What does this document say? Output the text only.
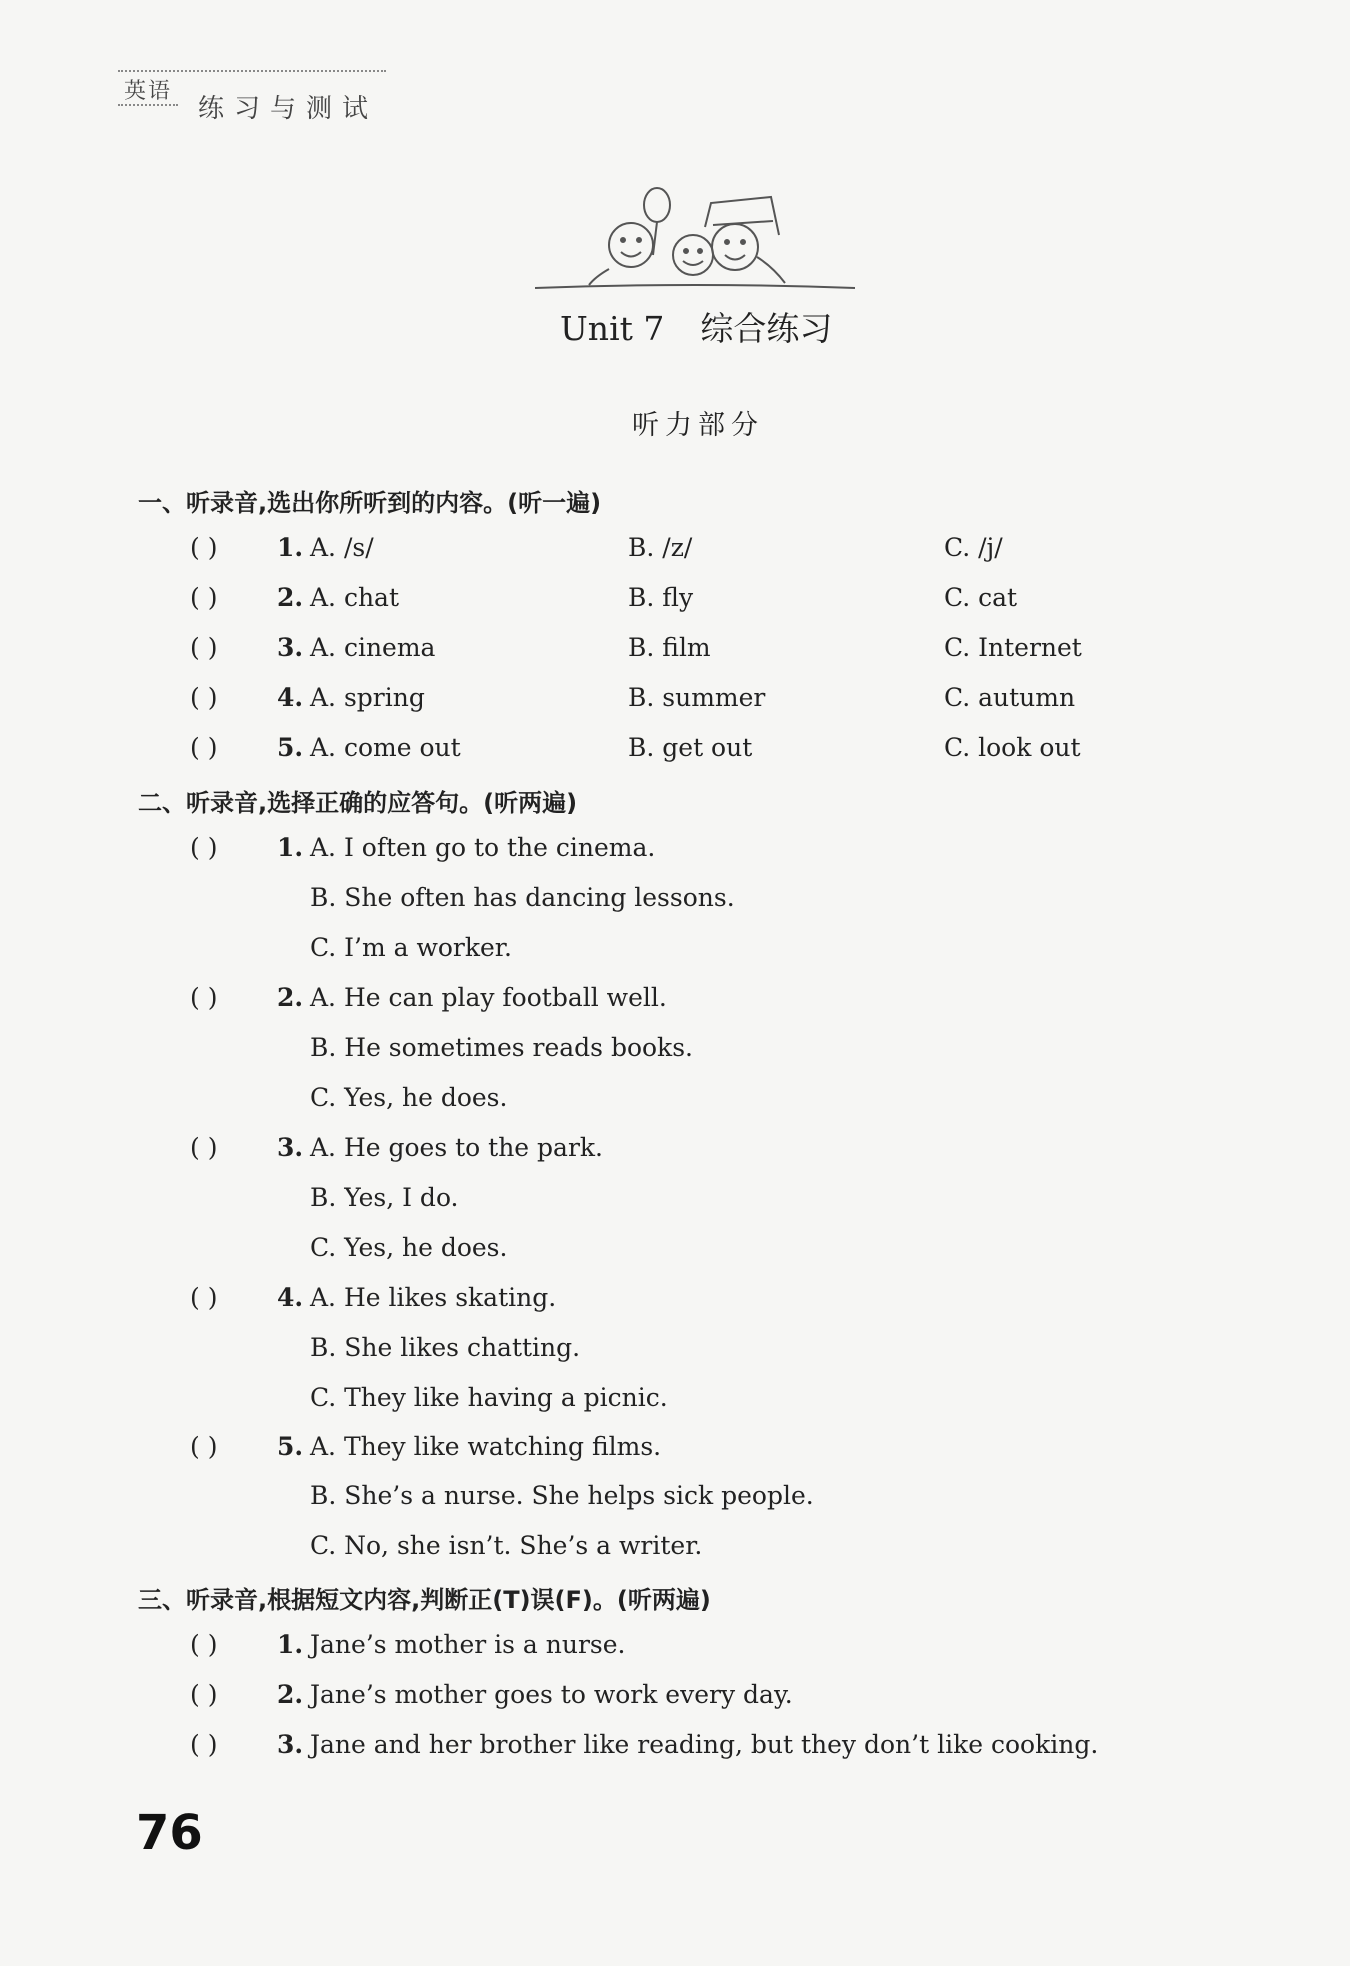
英语
练习与测试
Unit 7 综合练习
听力部分
一、听录音,选出你所听到的内容。(听一遍)
( ) 1. A. /s/	B. /z/	C. /j/
( ) 2. A. chat	B. fly	C. cat
( ) 3. A. cinema	B. film	C. Internet
( ) 4. A. spring	B. summer	C. autumn
( ) 5. A. come out	B. get out	C. look out
二、听录音,选择正确的应答句。(听两遍)
( ) 1. A. I often go to the cinema.
B. She often has dancing lessons.
C. I’m a worker.
( ) 2. A. He can play football well.
B. He sometimes reads books.
C. Yes, he does.
( ) 3. A. He goes to the park.
B. Yes, I do.
C. Yes, he does.
( ) 4. A. He likes skating.
B. She likes chatting.
C. They like having a picnic.
( ) 5. A. They like watching films.
B. She’s a nurse. She helps sick people.
C. No, she isn’t. She’s a writer.
三、听录音,根据短文内容,判断正(T)误(F)。(听两遍)
( ) 1. Jane’s mother is a nurse.
( ) 2. Jane’s mother goes to work every day.
( ) 3. Jane and her brother like reading, but they don’t like cooking.
76
